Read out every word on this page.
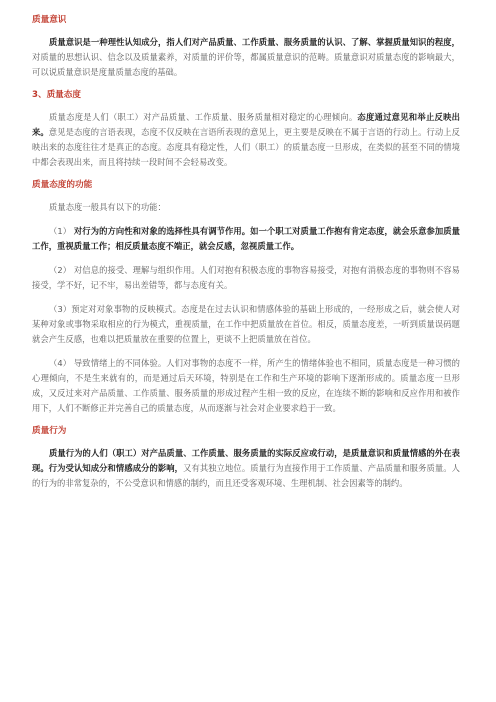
质量意识

质量意识是一种理性认知成分，指人们对产品质量、工作质量、服务质量的认识、了解、掌握质量知识的程度，对质量的思想认识、信念以及质量素养，对质量的评价等，都属质量意识的范畴。质量意识对质量态度的影响最大，可以说质量意识是度量质量态度的基础。

3、质量态度

质量态度是人们（职工）对产品质量、工作质量、服务质量相对稳定的心理倾向。态度通过意见和举止反映出来。意见是态度的言语表现，态度不仅反映在言语所表现的意见上，更主要是反映在不属于言语的行动上。行动上反映出来的态度往往才是真正的态度。态度具有稳定性，人们（职工）的质量态度一旦形成，在类似的甚至不同的情境中都会表现出来，而且将持续一段时间不会轻易改变。

质量态度的功能

质量态度一般具有以下的功能：

（1） 对行为的方向性和对象的选择性具有调节作用。如一个职工对质量工作抱有肯定态度，就会乐意参加质量工作，重视质量工作；相反质量态度不端正，就会反感，忽视质量工作。

（2） 对信息的接受、理解与组织作用。人们对抱有积极态度的事物容易接受，对抱有消极态度的事物则不容易接受，学不好，记不牢，易出差错等，都与态度有关。

（3）预定对对象事物的反映模式。态度是在过去认识和情感体验的基础上形成的，一经形成之后，就会使人对某种对象或事物采取相应的行为模式，重视质量，在工作中把质量放在首位。相反，质量态度差，一听到质量误码题就会产生反感，也难以把质量放在重要的位置上，更谈不上把质量放在首位。

（4） 导致情绪上的不同体验。人们对事物的态度不一样，所产生的情绪体验也不相同，质量态度是一种习惯的心理倾向，不是生来就有的，而是通过后天环境，特别是在工作和生产环境的影响下逐渐形成的。质量态度一旦形成，又反过来对产品质量、工作质量、服务质量的形成过程产生相一致的反应，在连续不断的影响和反应作用和被作用下，人们不断修正并完善自己的质量态度，从而逐渐与社会对企业要求趋于一致。

质量行为

质量行为的人们（职工）对产品质量、工作质量、服务质量的实际反应或行动，是质量意识和质量情感的外在表现。行为受认知成分和情感成分的影响，又有其独立地位。质量行为直接作用于工作质量、产品质量和服务质量。人的行为的非常复杂的，不公受意识和情感的制约，而且还受客观环境、生理机制、社会因素等的制约。
